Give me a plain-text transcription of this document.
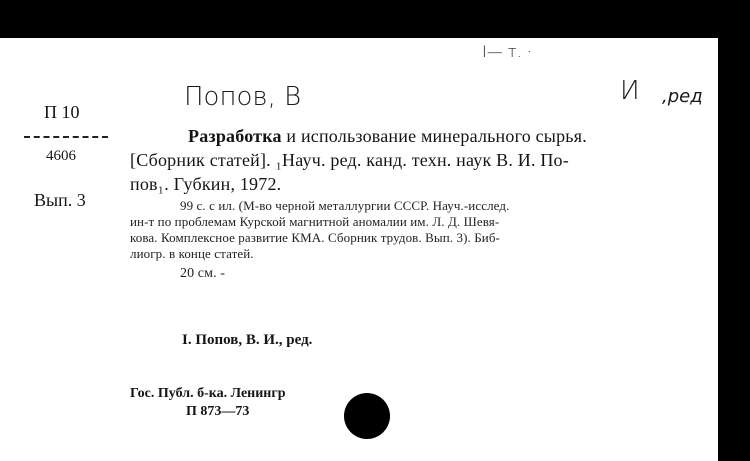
I— т. ·
Попов, В	И ,ред
П 10
4606
Вып. 3
Разработка и использование минерального сырья.
[Сборник статей]. ₁Науч. ред. канд. техн. наук В. И. По-
пов₁. Губкин, 1972.
99 с. с ил. (М-во черной металлургии СССР. Науч.-исслед.
ин-т по проблемам Курской магнитной аномалии им. Л. Д. Шевя-
кова. Комплексное развитие КМА. Сборник трудов. Вып. 3). Биб-
лиогр. в конце статей.
20 см. -
I. Попов, В. И., ред.
Гос. Публ. б-ка. Ленингр
П 873—73
